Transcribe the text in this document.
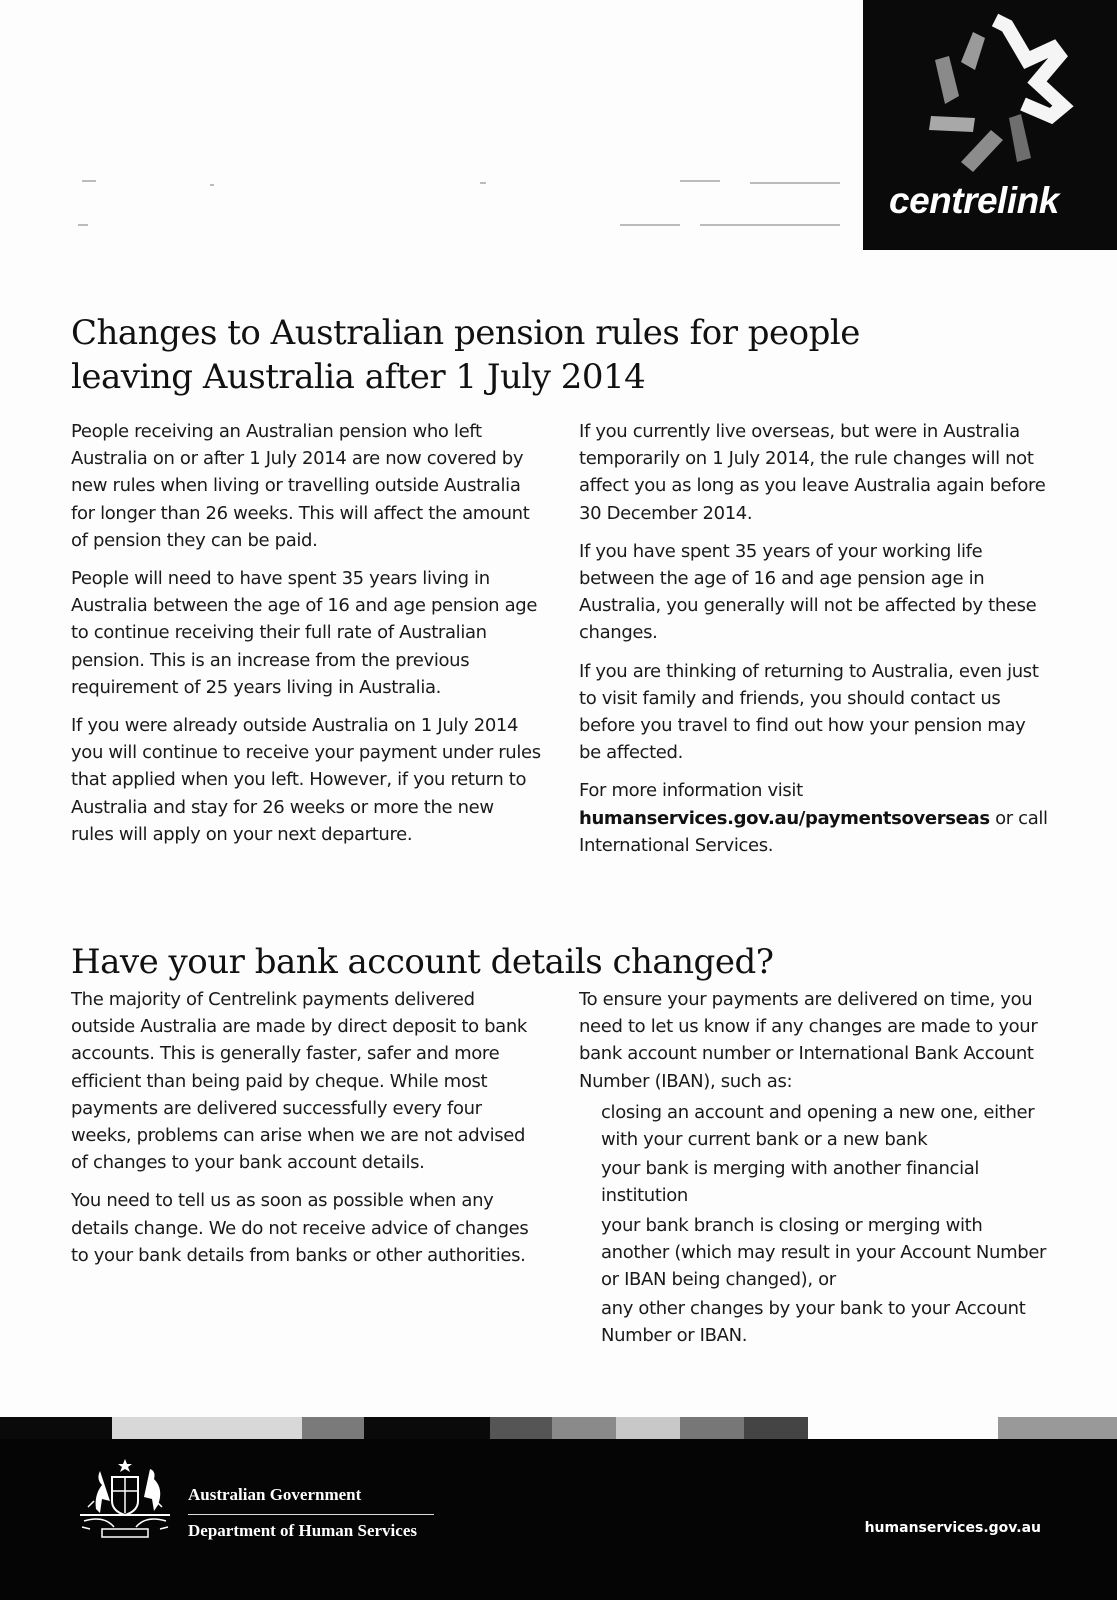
centrelink
Changes to Australian pension rules for people leaving Australia after 1 July 2014

People receiving an Australian pension who left Australia on or after 1 July 2014 are now covered by new rules when living or travelling outside Australia for longer than 26 weeks. This will affect the amount of pension they can be paid.

People will need to have spent 35 years living in Australia between the age of 16 and age pension age to continue receiving their full rate of Australian pension. This is an increase from the previous requirement of 25 years living in Australia.

If you were already outside Australia on 1 July 2014 you will continue to receive your payment under rules that applied when you left. However, if you return to Australia and stay for 26 weeks or more the new rules will apply on your next departure.

If you currently live overseas, but were in Australia temporarily on 1 July 2014, the rule changes will not affect you as long as you leave Australia again before 30 December 2014.

If you have spent 35 years of your working life between the age of 16 and age pension age in Australia, you generally will not be affected by these changes.

If you are thinking of returning to Australia, even just to visit family and friends, you should contact us before you travel to find out how your pension may be affected.

For more information visit
humanservices.gov.au/paymentsoverseas or call International Services.

Have your bank account details changed?

The majority of Centrelink payments delivered outside Australia are made by direct deposit to bank accounts. This is generally faster, safer and more efficient than being paid by cheque. While most payments are delivered successfully every four weeks, problems can arise when we are not advised of changes to your bank account details.

You need to tell us as soon as possible when any details change. We do not receive advice of changes to your bank details from banks or other authorities.

To ensure your payments are delivered on time, you need to let us know if any changes are made to your bank account number or International Bank Account Number (IBAN), such as:

closing an account and opening a new one, either with your current bank or a new bank
your bank is merging with another financial institution
your bank branch is closing or merging with another (which may result in your Account Number or IBAN being changed), or
any other changes by your bank to your Account Number or IBAN.
Australian Government
Department of Human Services	humanservices.gov.au
